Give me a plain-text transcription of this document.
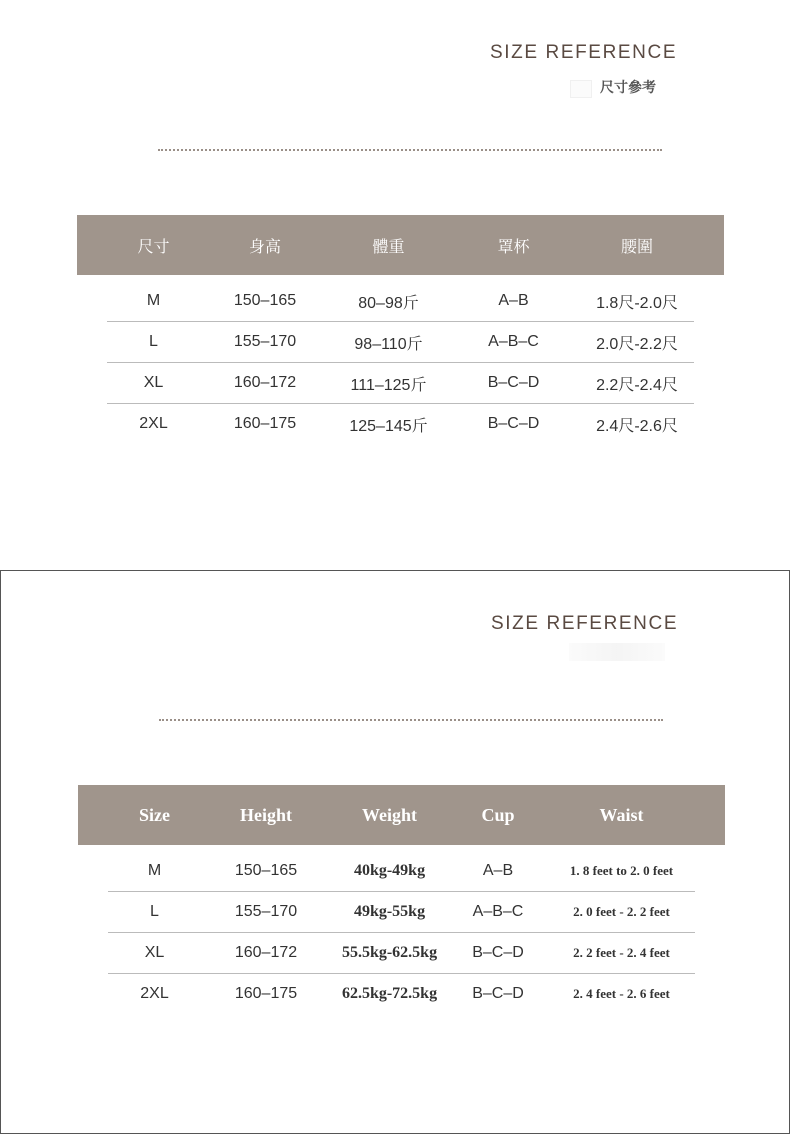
SIZE REFERENCE
尺寸參考
	尺寸	身高	體重	罩杯	腰圍	
	M	150–165	80–98斤	A–B	1.8尺-2.0尺	
	L	155–170	98–110斤	A–B–C	2.0尺-2.2尺	
	XL	160–172	111–125斤	B–C–D	2.2尺-2.4尺	
	2XL	160–175	125–145斤	B–C–D	2.4尺-2.6尺	
SIZE REFERENCE
	Size	Height	Weight	Cup	Waist	
	M	150–165	40kg-49kg	A–B	1. 8 feet to 2. 0 feet	
	L	155–170	49kg-55kg	A–B–C	2. 0 feet - 2. 2 feet	
	XL	160–172	55.5kg-62.5kg	B–C–D	2. 2 feet - 2. 4 feet	
	2XL	160–175	62.5kg-72.5kg	B–C–D	2. 4 feet - 2. 6 feet	
